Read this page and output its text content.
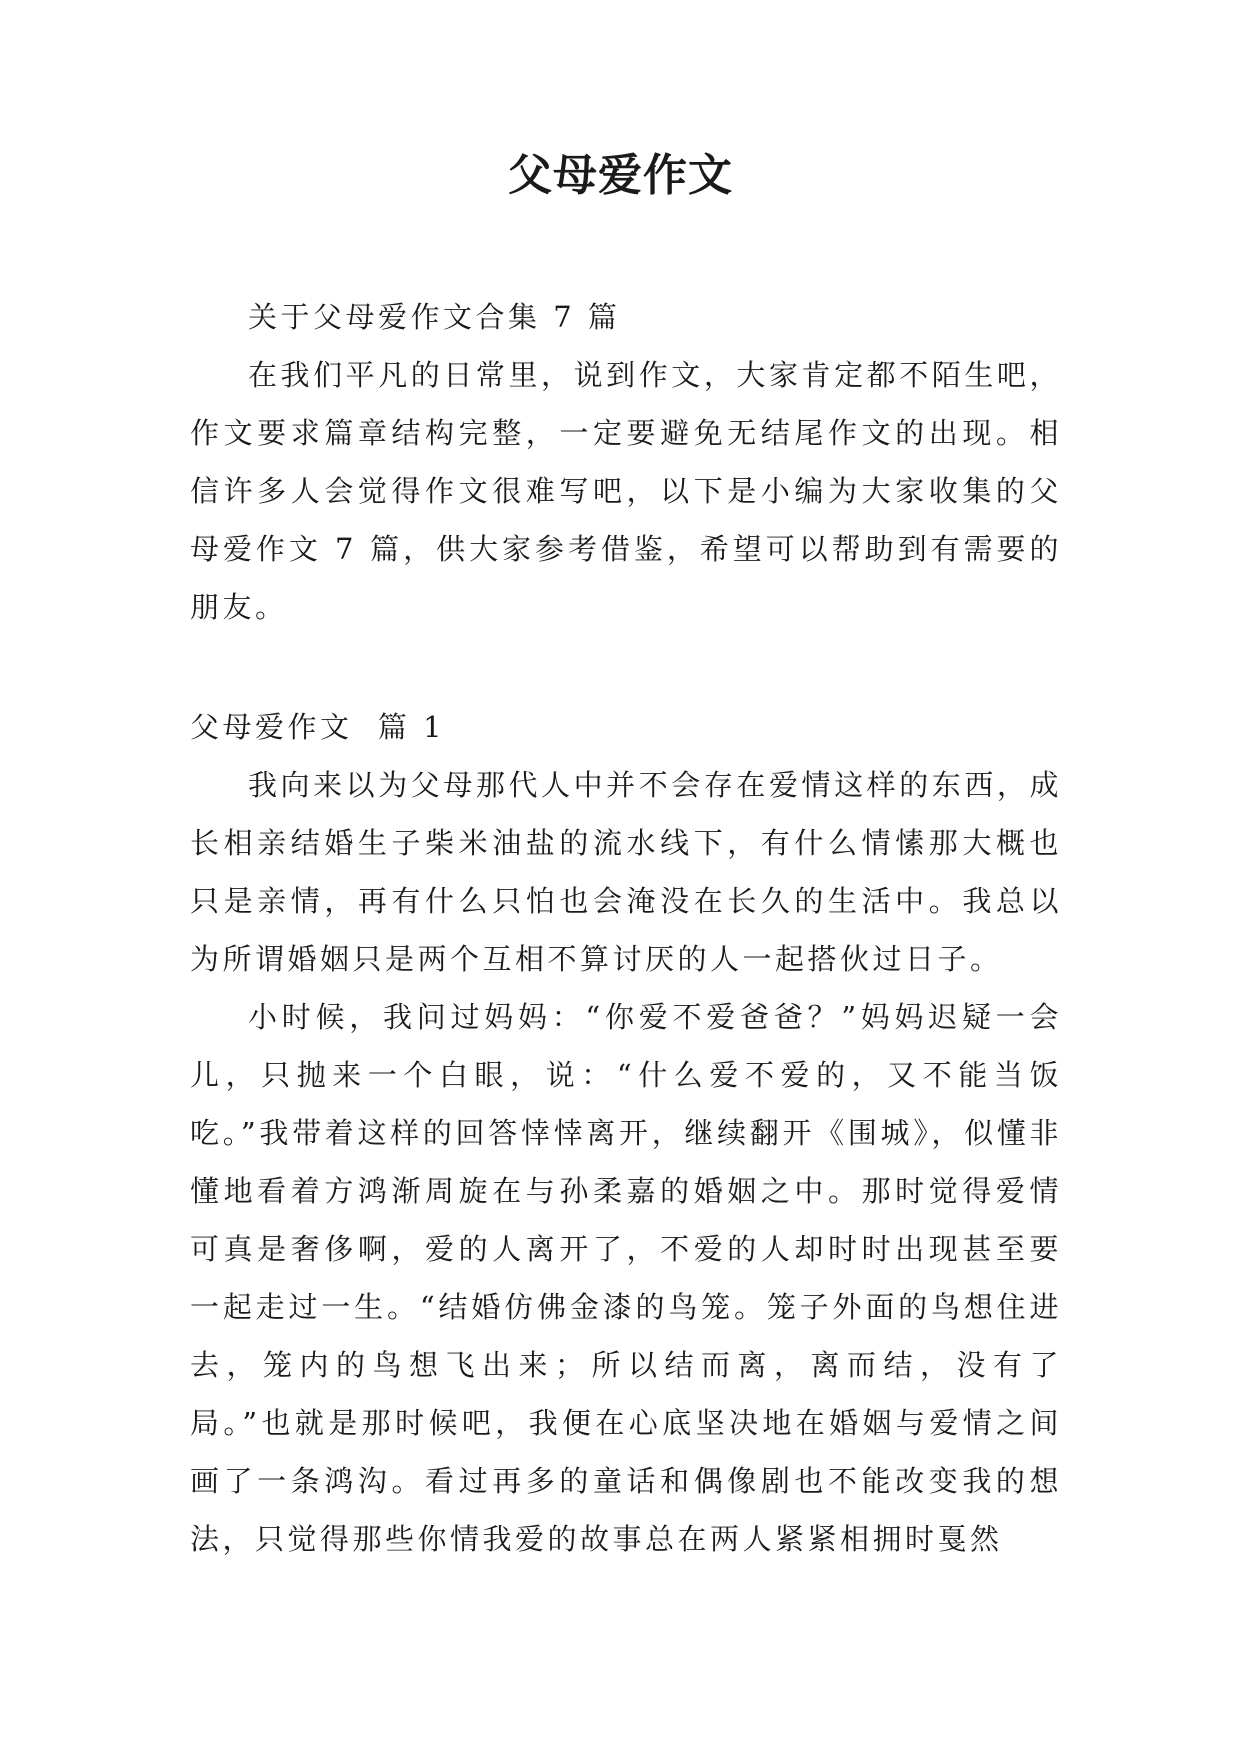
父母爱作文

关于父母爱作文合集 7 篇

在我们平凡的日常里，说到作文，大家肯定都不陌生吧，作文要求篇章结构完整，一定要避免无结尾作文的出现。相信许多人会觉得作文很难写吧，以下是小编为大家收集的父母爱作文 7 篇，供大家参考借鉴，希望可以帮助到有需要的朋友。

父母爱作文  篇 1

我向来以为父母那代人中并不会存在爱情这样的东西，成长相亲结婚生子柴米油盐的流水线下，有什么情愫那大概也只是亲情，再有什么只怕也会淹没在长久的生活中。我总以为所谓婚姻只是两个互相不算讨厌的人一起搭伙过日子。

小时候，我问过妈妈：“你爱不爱爸爸？”妈妈迟疑一会儿，只抛来一个白眼，说：“什么爱不爱的，又不能当饭吃。”我带着这样的回答悻悻离开，继续翻开《围城》，似懂非懂地看着方鸿渐周旋在与孙柔嘉的婚姻之中。那时觉得爱情可真是奢侈啊，爱的人离开了，不爱的人却时时出现甚至要一起走过一生。“结婚仿佛金漆的鸟笼。笼子外面的鸟想住进去，笼内的鸟想飞出来；所以结而离，离而结，没有了局。”也就是那时候吧，我便在心底坚决地在婚姻与爱情之间画了一条鸿沟。看过再多的童话和偶像剧也不能改变我的想法，只觉得那些你情我爱的故事总在两人紧紧相拥时戛然
